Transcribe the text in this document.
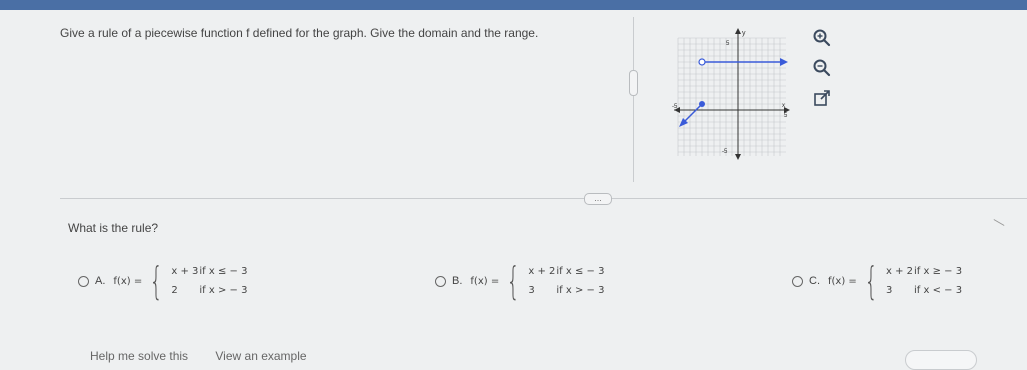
Give a rule of a piecewise function f defined for the graph. Give the domain and the range.	y
x
5
-5
5
-5
...
What is the rule?
A. f(x) = { x + 3 if x ≤ − 3
2	if x > − 3
B. f(x) = { x + 2 if x ≤ − 3
3	if x > − 3
C. f(x) = { x + 2 if x ≥ − 3
3	if x < − 3
Help me solve this View an example
